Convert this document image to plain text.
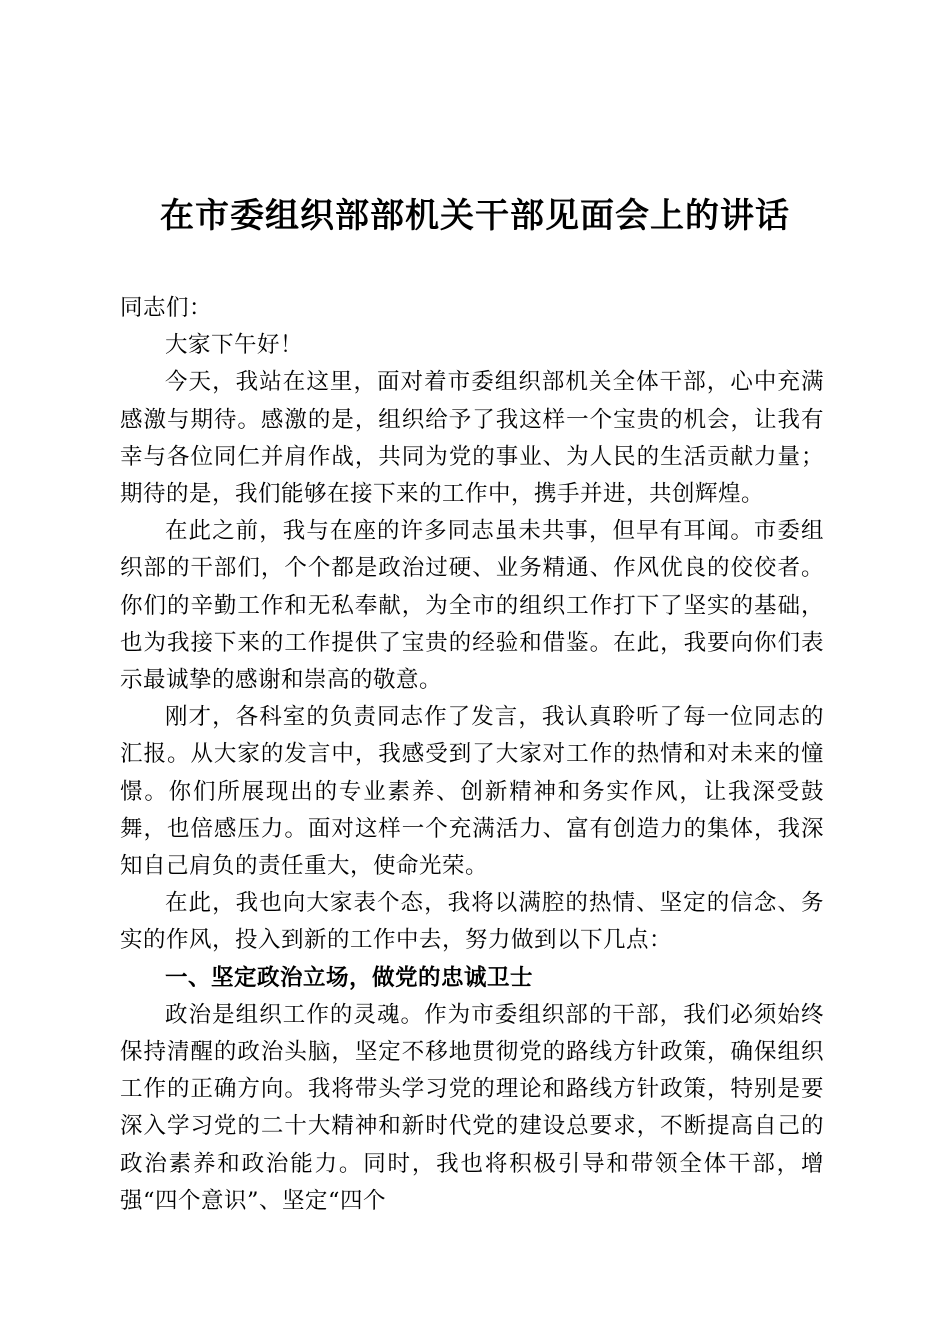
在市委组织部部机关干部见面会上的讲话

同志们：

大家下午好！

今天，我站在这里，面对着市委组织部机关全体干部，心中充满感激与期待。感激的是，组织给予了我这样一个宝贵的机会，让我有幸与各位同仁并肩作战，共同为党的事业、为人民的生活贡献力量；期待的是，我们能够在接下来的工作中，携手并进，共创辉煌。

在此之前，我与在座的许多同志虽未共事，但早有耳闻。市委组织部的干部们，个个都是政治过硬、业务精通、作风优良的佼佼者。你们的辛勤工作和无私奉献，为全市的组织工作打下了坚实的基础，也为我接下来的工作提供了宝贵的经验和借鉴。在此，我要向你们表示最诚挚的感谢和崇高的敬意。

刚才，各科室的负责同志作了发言，我认真聆听了每一位同志的汇报。从大家的发言中，我感受到了大家对工作的热情和对未来的憧憬。你们所展现出的专业素养、创新精神和务实作风，让我深受鼓舞，也倍感压力。面对这样一个充满活力、富有创造力的集体，我深知自己肩负的责任重大，使命光荣。

在此，我也向大家表个态，我将以满腔的热情、坚定的信念、务实的作风，投入到新的工作中去，努力做到以下几点：

一、坚定政治立场，做党的忠诚卫士

政治是组织工作的灵魂。作为市委组织部的干部，我们必须始终保持清醒的政治头脑，坚定不移地贯彻党的路线方针政策，确保组织工作的正确方向。我将带头学习党的理论和路线方针政策，特别是要深入学习党的二十大精神和新时代党的建设总要求，不断提高自己的政治素养和政治能力。同时，我也将积极引导和带领全体干部，增强“四个意识”、坚定“四个
